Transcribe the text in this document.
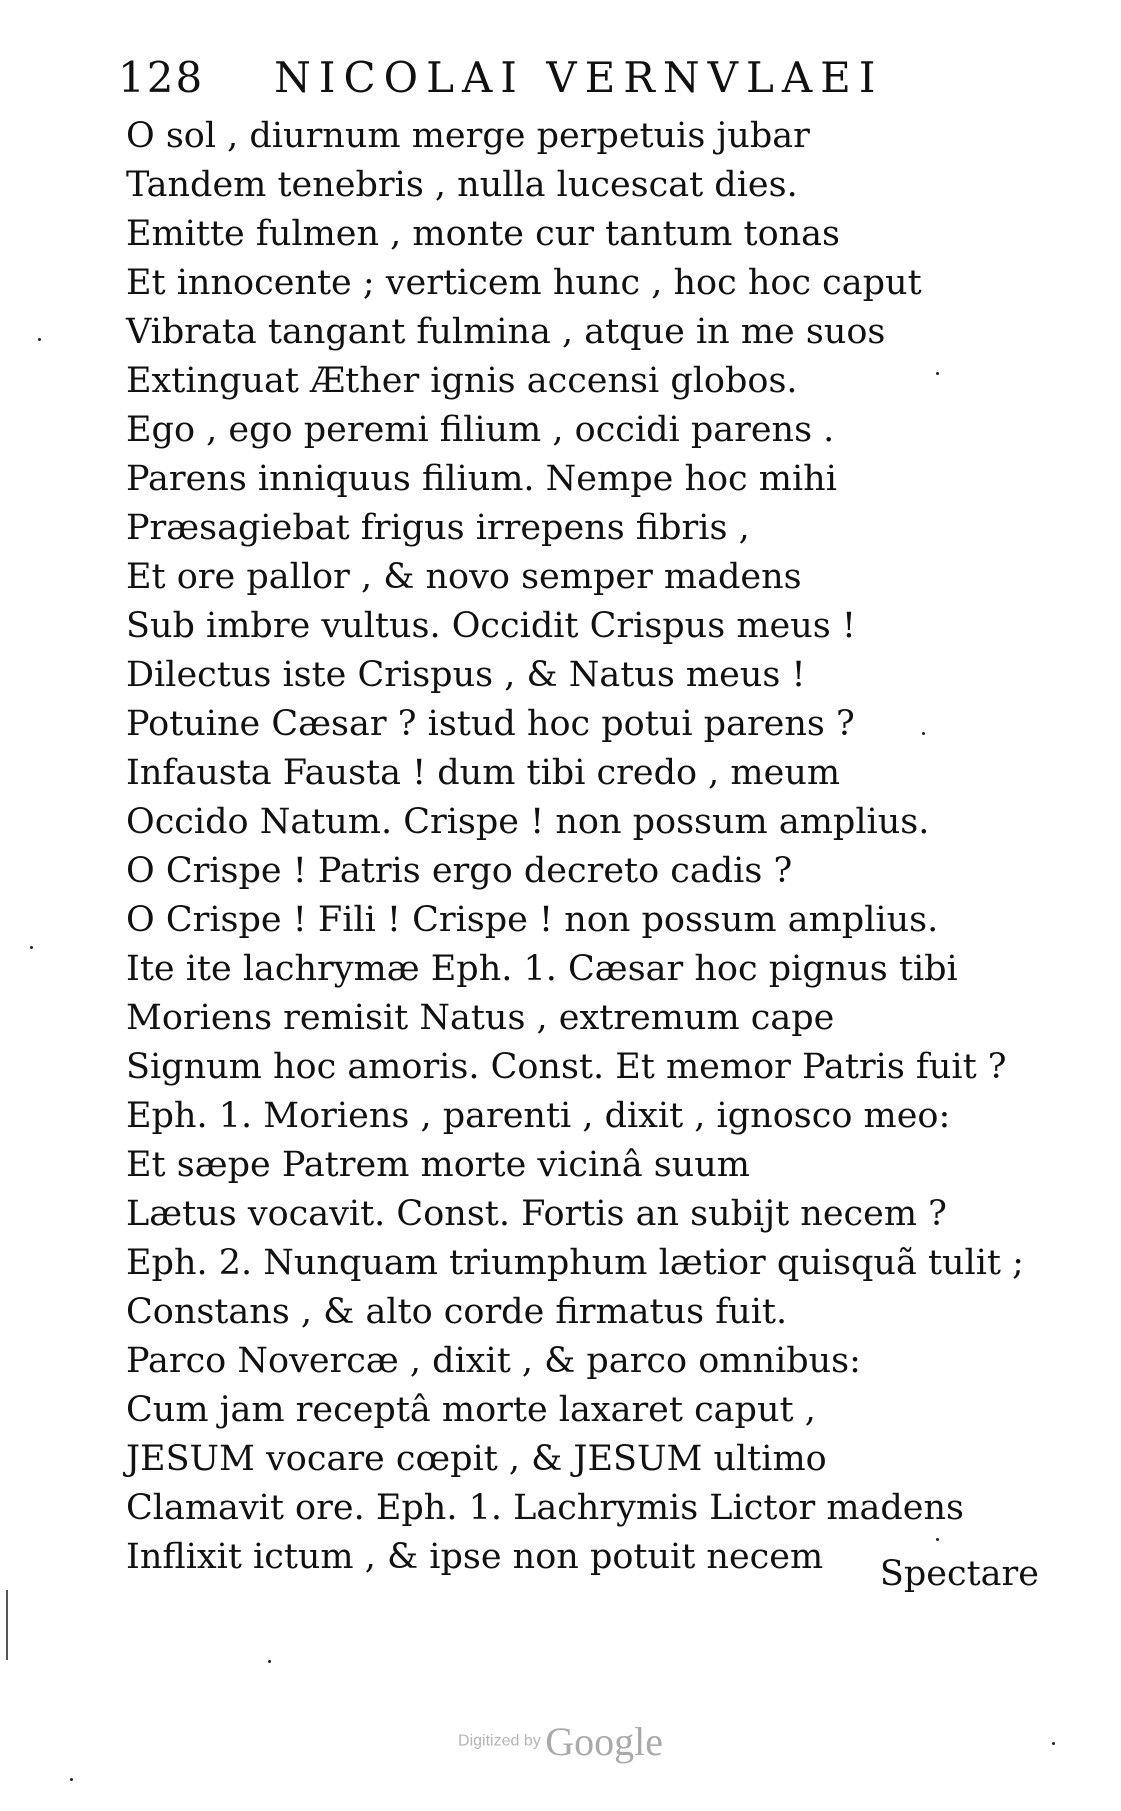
128 NICOLAI VERNVLAEI
O sol , diurnum merge perpetuis jubar
Tandem tenebris , nulla lucescat dies.
Emitte fulmen , monte cur tantum tonas
Et innocente ; verticem hunc , hoc hoc caput
Vibrata tangant fulmina , atque in me suos
Extinguat Æther ignis accensi globos.
Ego , ego peremi filium , occidi parens .
Parens inniquus filium. Nempe hoc mihi
Præsagiebat frigus irrepens fibris ,
Et ore pallor , & novo semper madens
Sub imbre vultus. Occidit Crispus meus !
Dilectus iste Crispus , & Natus meus !
Potuine Cæsar ? istud hoc potui parens ?
Infausta Fausta ! dum tibi credo , meum
Occido Natum. Crispe ! non possum amplius.
O Crispe ! Patris ergo decreto cadis ?
O Crispe ! Fili ! Crispe ! non possum amplius.
Ite ite lachrymæ Eph. 1. Cæsar hoc pignus tibi
Moriens remisit Natus , extremum cape
Signum hoc amoris. Const. Et memor Patris fuit ?
Eph. 1. Moriens , parenti , dixit , ignosco meo:
Et sæpe Patrem morte vicinâ suum
Lætus vocavit. Const. Fortis an subijt necem ?
Eph. 2. Nunquam triumphum lætior quisquã tulit ;
Constans , & alto corde firmatus fuit.
Parco Novercæ , dixit , & parco omnibus:
Cum jam receptâ morte laxaret caput ,
JESUM vocare cœpit , & JESUM ultimo
Clamavit ore. Eph. 1. Lachrymis Lictor madens
Inflixit ictum , & ipse non potuit necem	Spectare
Digitized by Google
